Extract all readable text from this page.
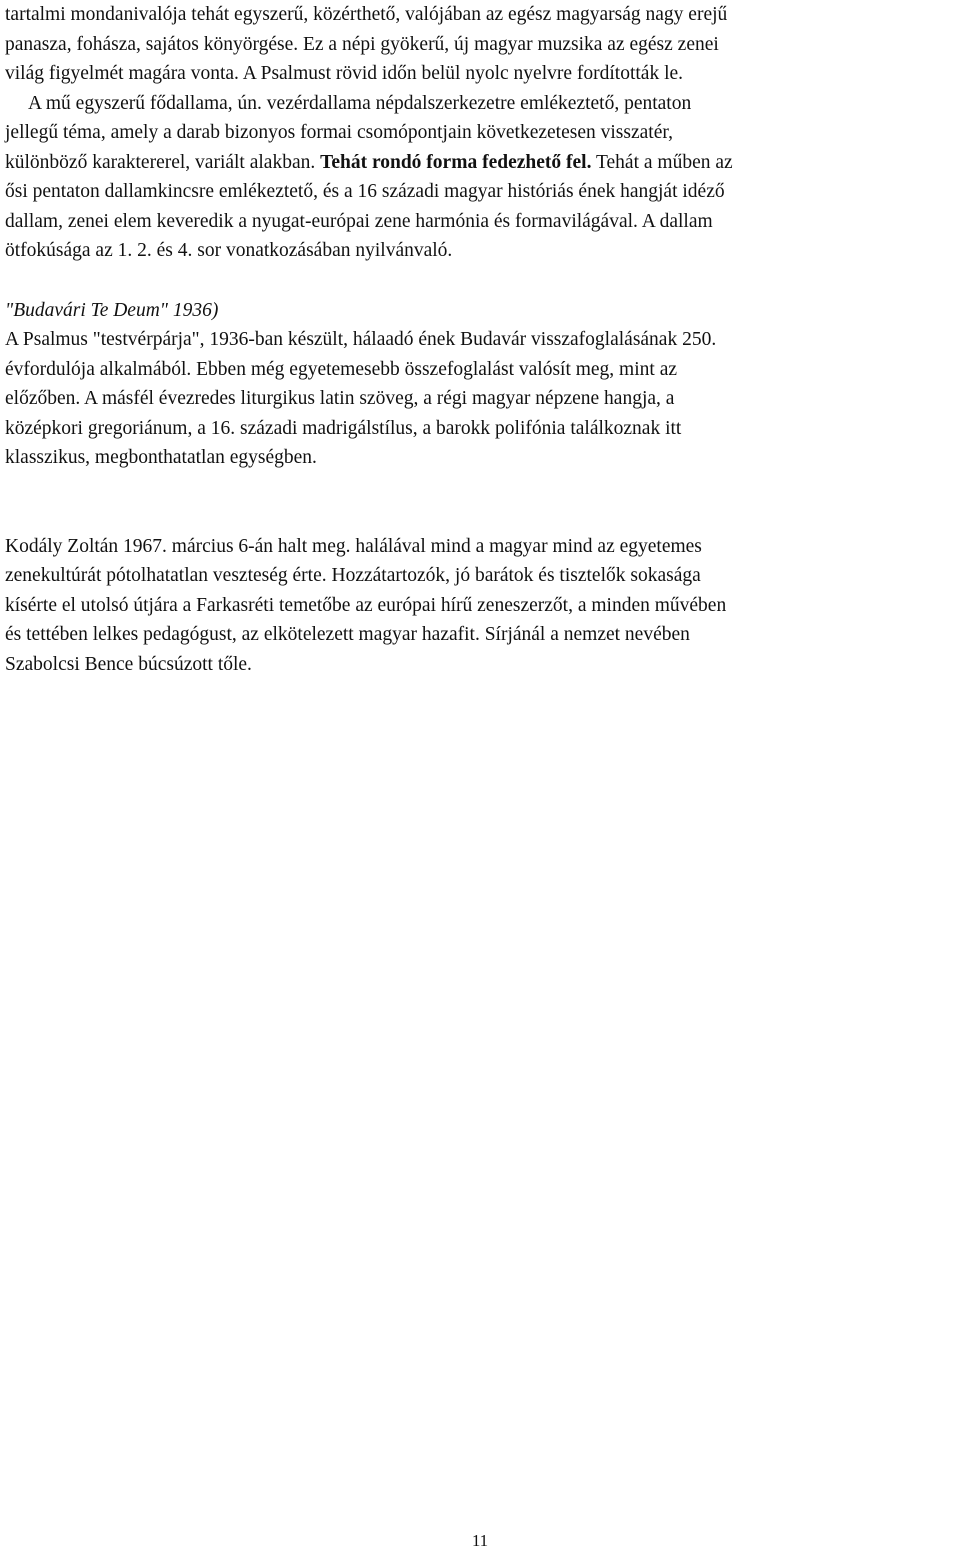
tartalmi mondanivalója tehát egyszerű, közérthető, valójában az egész magyarság nagy erejű
panasza, fohásza, sajátos könyörgése. Ez a népi gyökerű, új magyar muzsika az egész zenei
világ figyelmét magára vonta. A Psalmust rövid időn belül nyolc nyelvre fordították le.

A mű egyszerű fődallama, ún. vezérdallama népdalszerkezetre emlékeztető, pentaton
jellegű téma, amely a darab bizonyos formai csomópontjain következetesen visszatér,
különböző karaktererel, variált alakban. Tehát rondó forma fedezhető fel. Tehát a műben az
ősi pentaton dallamkincsre emlékeztető, és a 16 századi magyar históriás ének hangját idéző
dallam, zenei elem keveredik a nyugat-európai zene harmónia és formavilágával. A dallam
ötfokúsága az 1. 2. és 4. sor vonatkozásában nyilvánvaló.

"Budavári Te Deum" 1936)
A Psalmus "testvérpárja", 1936-ban készült, hálaadó ének Budavár visszafoglalásának 250.
évfordulója alkalmából. Ebben még egyetemesebb összefoglalást valósít meg, mint az
előzőben. A másfél évezredes liturgikus latin szöveg, a régi magyar népzene hangja, a
középkori gregoriánum, a 16. századi madrigálstílus, a barokk polifónia találkoznak itt
klasszikus, megbonthatatlan egységben.

Kodály Zoltán 1967. március 6-án halt meg. halálával mind a magyar mind az egyetemes
zenekultúrát pótolhatatlan veszteség érte. Hozzátartozók, jó barátok és tisztelők sokasága
kísérte el utolsó útjára a Farkasréti temetőbe az európai hírű zeneszerzőt, a minden művében
és tettében lelkes pedagógust, az elkötelezett magyar hazafit. Sírjánál a nemzet nevében
Szabolcsi Bence búcsúzott tőle.

11
